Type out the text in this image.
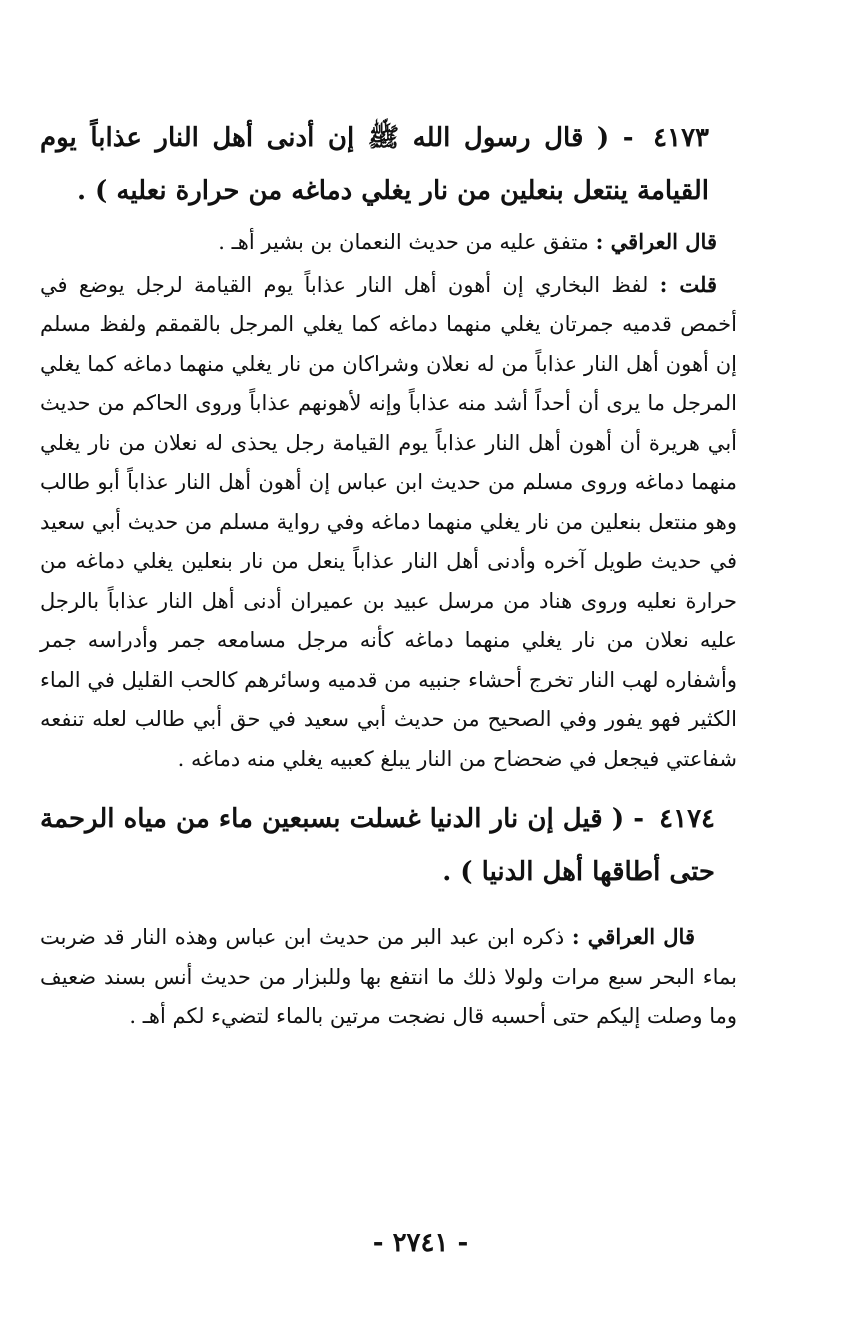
٤١٧٣ - ( قال رسول الله ﷺ إن أدنى أهل النار عذاباً يوم القيامة ينتعل بنعلين من نار يغلي دماغه من حرارة نعليه ) .

قال العراقي : متفق عليه من حديث النعمان بن بشير أهـ .

قلت : لفظ البخاري إن أهون أهل النار عذاباً يوم القيامة لرجل يوضع في أخمص قدميه جمرتان يغلي منهما دماغه كما يغلي المرجل بالقمقم ولفظ مسلم إن أهون أهل النار عذاباً من له نعلان وشراكان من نار يغلي منهما دماغه كما يغلي المرجل ما يرى أن أحداً أشد منه عذاباً وإنه لأهونهم عذاباً وروى الحاكم من حديث أبي هريرة أن أهون أهل النار عذاباً يوم القيامة رجل يحذى له نعلان من نار يغلي منهما دماغه وروى مسلم من حديث ابن عباس إن أهون أهل النار عذاباً أبو طالب وهو منتعل بنعلين من نار يغلي منهما دماغه وفي رواية مسلم من حديث أبي سعيد في حديث طويل آخره وأدنى أهل النار عذاباً ينعل من نار بنعلين يغلي دماغه من حرارة نعليه وروى هناد من مرسل عبيد بن عميران أدنى أهل النار عذاباً بالرجل عليه نعلان من نار يغلي منهما دماغه كأنه مرجل مسامعه جمر وأدراسه جمر وأشفاره لهب النار تخرج أحشاء جنبيه من قدميه وسائرهم كالحب القليل في الماء الكثير فهو يفور وفي الصحيح من حديث أبي سعيد في حق أبي طالب لعله تنفعه شفاعتي فيجعل في ضحضاح من النار يبلغ كعبيه يغلي منه دماغه .

٤١٧٤ - ( قيل إن نار الدنيا غسلت بسبعين ماء من مياه الرحمة حتى أطاقها أهل الدنيا ) .

قال العراقي : ذكره ابن عبد البر من حديث ابن عباس وهذه النار قد ضربت بماء البحر سبع مرات ولولا ذلك ما انتفع بها وللبزار من حديث أنس بسند ضعيف وما وصلت إليكم حتى أحسبه قال نضجت مرتين بالماء لتضيء لكم أهـ .

- ٢٧٤١ -
